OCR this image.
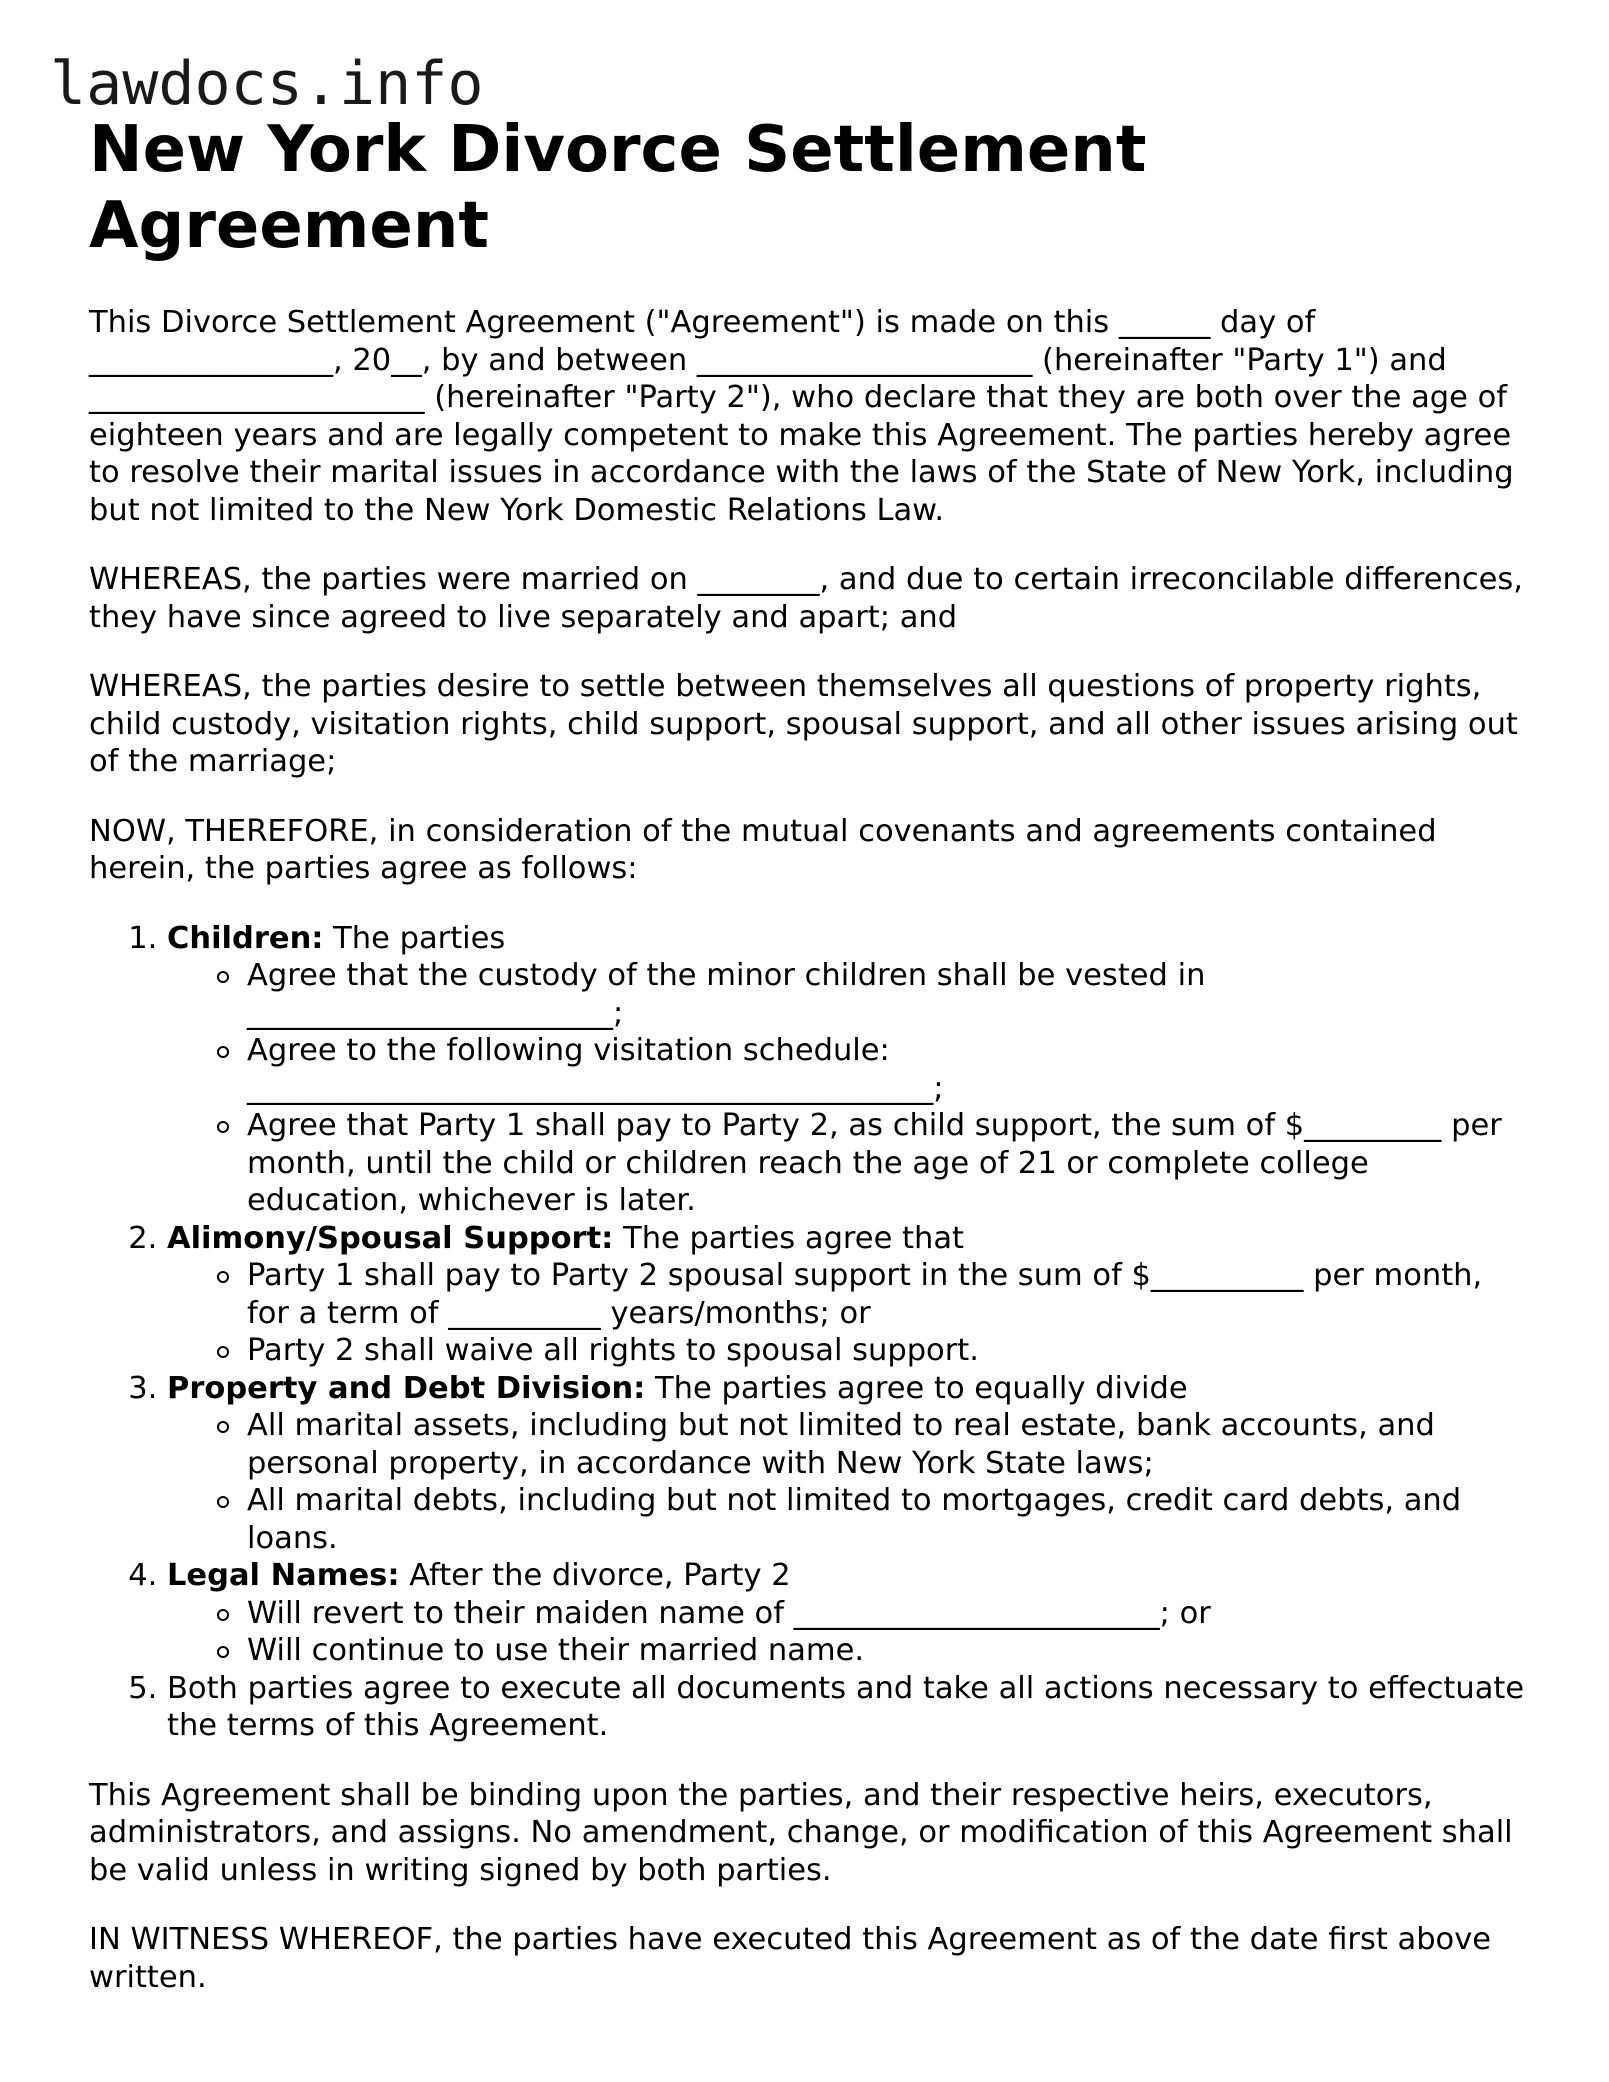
lawdocs.info
New York Divorce Settlement Agreement

This Divorce Settlement Agreement ("Agreement") is made on this ______ day of ________________, 20__, by and between ______________________ (hereinafter "Party 1") and ______________________ (hereinafter "Party 2"), who declare that they are both over the age of eighteen years and are legally competent to make this Agreement. The parties hereby agree to resolve their marital issues in accordance with the laws of the State of New York, including but not limited to the New York Domestic Relations Law.

WHEREAS, the parties were married on ________, and due to certain irreconcilable differences, they have since agreed to live separately and apart; and

WHEREAS, the parties desire to settle between themselves all questions of property rights, child custody, visitation rights, child support, spousal support, and all other issues arising out of the marriage;

NOW, THEREFORE, in consideration of the mutual covenants and agreements contained herein, the parties agree as follows:

1. Children: The parties
Agree that the custody of the minor children shall be vested in ________________________;
Agree to the following visitation schedule: _____________________________________________;
Agree that Party 1 shall pay to Party 2, as child support, the sum of $_________ per month, until the child or children reach the age of 21 or complete college education, whichever is later.
2. Alimony/Spousal Support: The parties agree that
Party 1 shall pay to Party 2 spousal support in the sum of $__________ per month, for a term of __________ years/months; or
Party 2 shall waive all rights to spousal support.
3. Property and Debt Division: The parties agree to equally divide
All marital assets, including but not limited to real estate, bank accounts, and personal property, in accordance with New York State laws;
All marital debts, including but not limited to mortgages, credit card debts, and loans.
4. Legal Names: After the divorce, Party 2
Will revert to their maiden name of ________________________; or
Will continue to use their married name.
5. Both parties agree to execute all documents and take all actions necessary to effectuate the terms of this Agreement.

This Agreement shall be binding upon the parties, and their respective heirs, executors, administrators, and assigns. No amendment, change, or modification of this Agreement shall be valid unless in writing signed by both parties.

IN WITNESS WHEREOF, the parties have executed this Agreement as of the date first above written.
